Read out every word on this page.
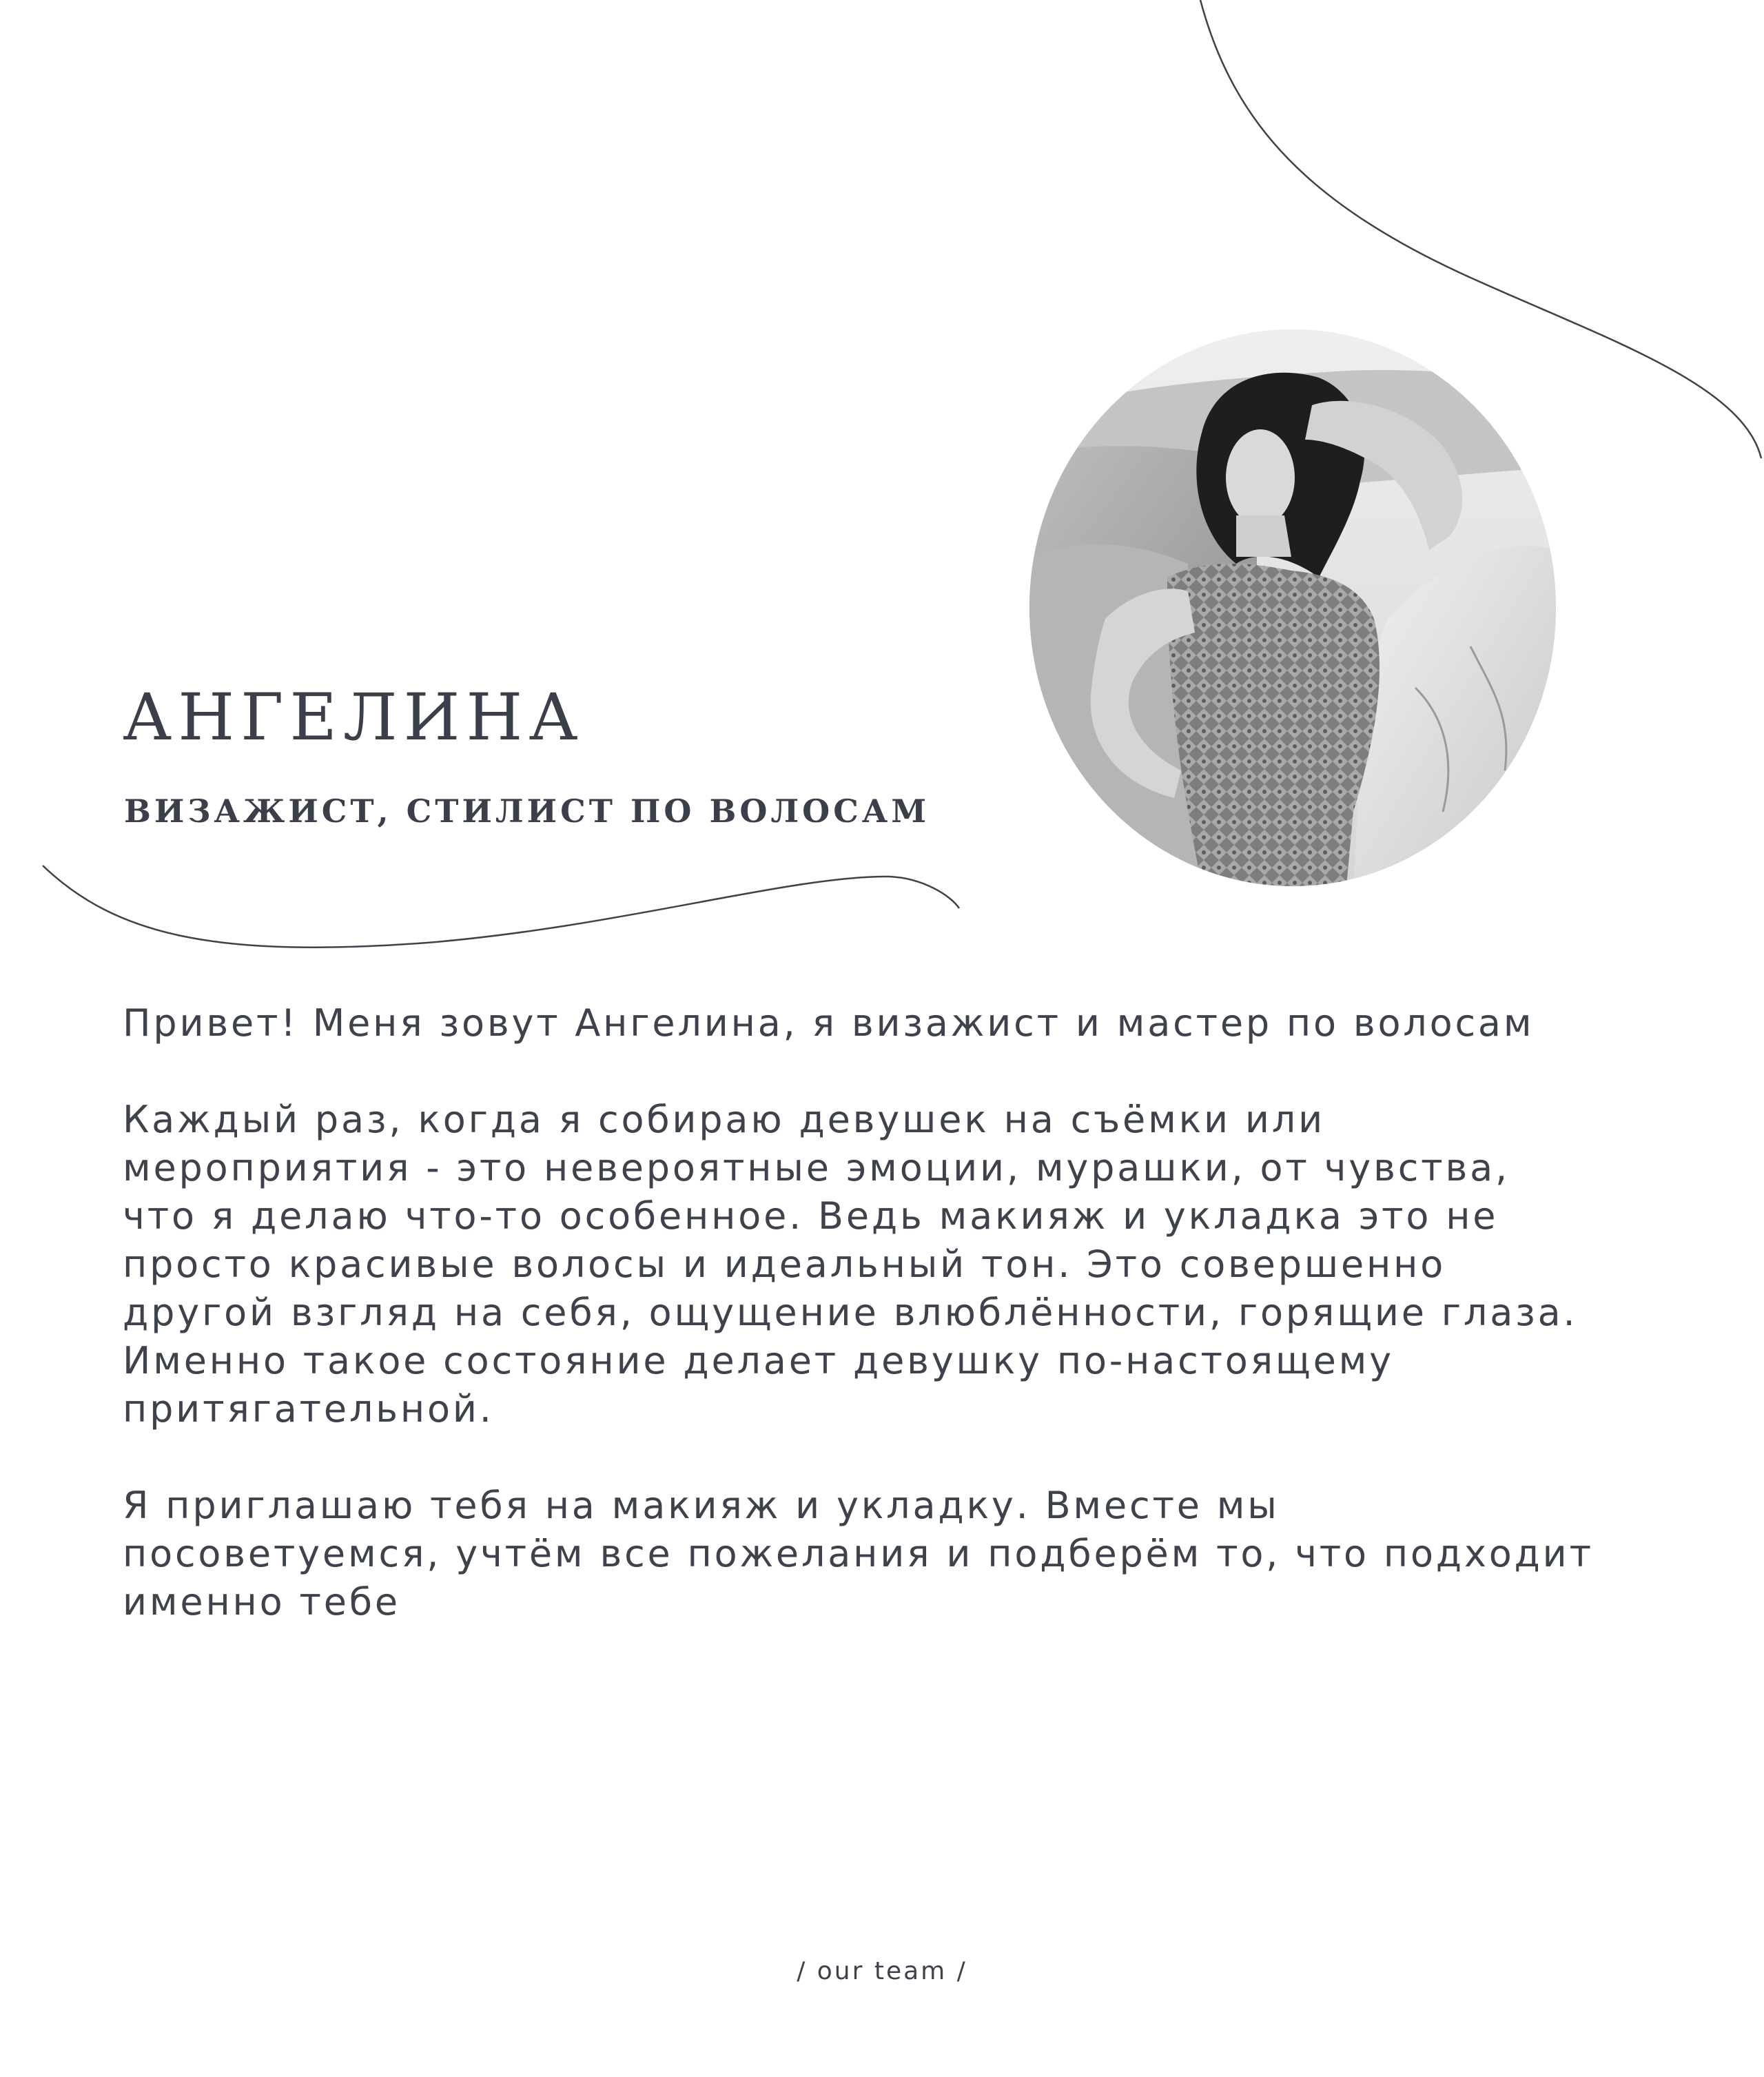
АНГЕЛИНА
ВИЗАЖИСТ, СТИЛИСТ ПО ВОЛОСАМ

Привет! Меня зовут Ангелина, я визажист и мастер по волосам

Каждый раз, когда я собираю девушек на съёмки или мероприятия - это невероятные эмоции, мурашки, от чувства, что я делаю что-то особенное. Ведь макияж и укладка это не просто красивые волосы и идеальный тон. Это совершенно другой взгляд на себя, ощущение влюблённости, горящие глаза. Именно такое состояние делает девушку по-настоящему притягательной.

Я приглашаю тебя на макияж и укладку. Вместе мы посоветуемся, учтём все пожелания и подберём то, что подходит именно тебе

/ our team /
